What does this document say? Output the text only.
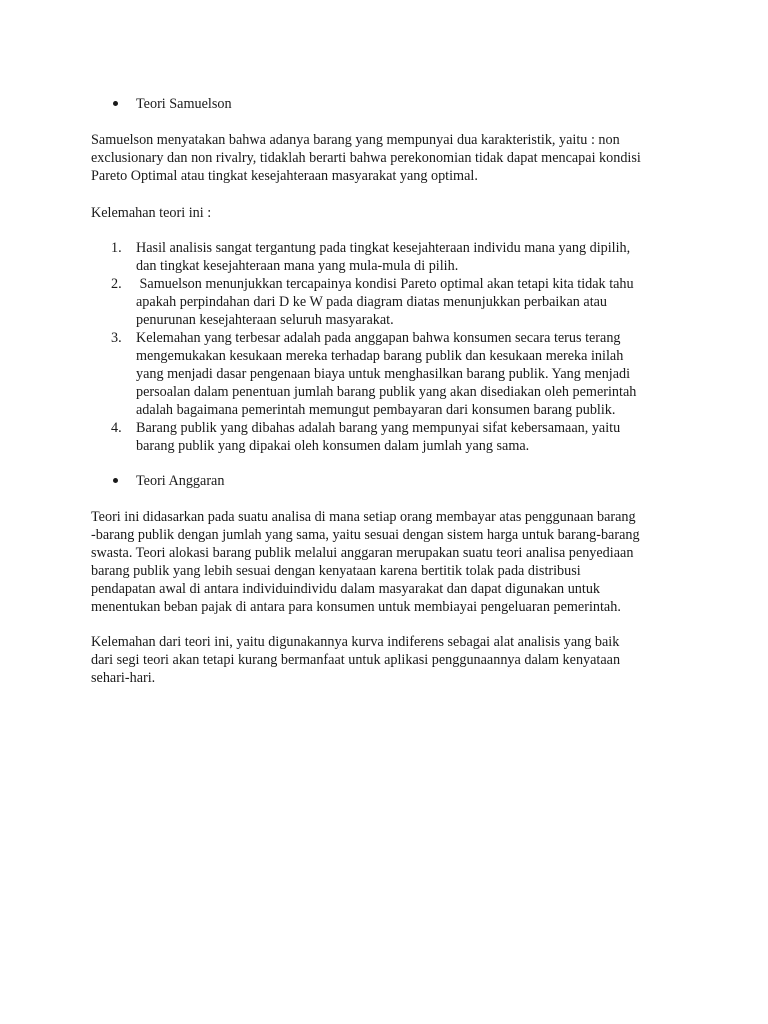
Teori Samuelson

Samuelson menyatakan bahwa adanya barang yang mempunyai dua karakteristik, yaitu : non
exclusionary dan non rivalry, tidaklah berarti bahwa perekonomian tidak dapat mencapai kondisi
Pareto Optimal atau tingkat kesejahteraan masyarakat yang optimal.

Kelemahan teori ini :

1. Hasil analisis sangat tergantung pada tingkat kesejahteraan individu mana yang dipilih,
dan tingkat kesejahteraan mana yang mula-mula di pilih.
2. Samuelson menunjukkan tercapainya kondisi Pareto optimal akan tetapi kita tidak tahu
apakah perpindahan dari D ke W pada diagram diatas menunjukkan perbaikan atau
penurunan kesejahteraan seluruh masyarakat.
3. Kelemahan yang terbesar adalah pada anggapan bahwa konsumen secara terus terang
mengemukakan kesukaan mereka terhadap barang publik dan kesukaan mereka inilah
yang menjadi dasar pengenaan biaya untuk menghasilkan barang publik. Yang menjadi
persoalan dalam penentuan jumlah barang publik yang akan disediakan oleh pemerintah
adalah bagaimana pemerintah memungut pembayaran dari konsumen barang publik.
4. Barang publik yang dibahas adalah barang yang mempunyai sifat kebersamaan, yaitu
barang publik yang dipakai oleh konsumen dalam jumlah yang sama.
Teori Anggaran

Teori ini didasarkan pada suatu analisa di mana setiap orang membayar atas penggunaan barang
-barang publik dengan jumlah yang sama, yaitu sesuai dengan sistem harga untuk barang-barang
swasta. Teori alokasi barang publik melalui anggaran merupakan suatu teori analisa penyediaan
barang publik yang lebih sesuai dengan kenyataan karena bertitik tolak pada distribusi
pendapatan awal di antara individuindividu dalam masyarakat dan dapat digunakan untuk
menentukan beban pajak di antara para konsumen untuk membiayai pengeluaran pemerintah.

Kelemahan dari teori ini, yaitu digunakannya kurva indiferens sebagai alat analisis yang baik
dari segi teori akan tetapi kurang bermanfaat untuk aplikasi penggunaannya dalam kenyataan
sehari-hari.
